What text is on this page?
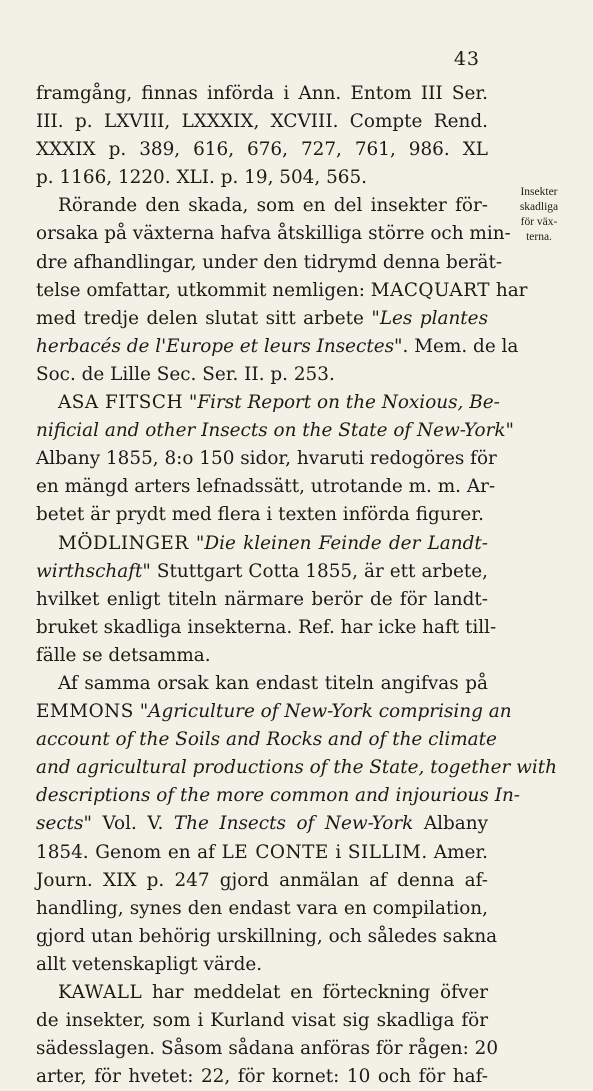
43
Insekter
skadliga
för väx-
terna.
framgång, finnas införda i Ann. Entom III Ser.
III. p. LXVIII, LXXXIX, XCVIII. Compte Rend.
XXXIX p. 389, 616, 676, 727, 761, 986. XL
p. 1166, 1220. XLI. p. 19, 504, 565.
Rörande den skada, som en del insekter för-
orsaka på växterna hafva åtskilliga större och min-
dre afhandlingar, under den tidrymd denna berät-
telse omfattar, utkommit nemligen: MACQUART har
med tredje delen slutat sitt arbete "Les plantes
herbacés de l'Europe et leurs Insectes". Mem. de la
Soc. de Lille Sec. Ser. II. p. 253.
ASA FITSCH "First Report on the Noxious, Be-
nificial and other Insects on the State of New-York"
Albany 1855, 8:o 150 sidor, hvaruti redogöres för
en mängd arters lefnadssätt, utrotande m. m. Ar-
betet är prydt med flera i texten införda figurer.
MÖDLINGER "Die kleinen Feinde der Landt-
wirthschaft" Stuttgart Cotta 1855, är ett arbete,
hvilket enligt titeln närmare berör de för landt-
bruket skadliga insekterna. Ref. har icke haft till-
fälle se detsamma.
Af samma orsak kan endast titeln angifvas på
EMMONS "Agriculture of New-York comprising an
account of the Soils and Rocks and of the climate
and agricultural productions of the State, together with
descriptions of the more common and injourious In-
sects" Vol. V. The Insects of New-York Albany
1854. Genom en af LE CONTE i SILLIM. Amer.
Journ. XIX p. 247 gjord anmälan af denna af-
handling, synes den endast vara en compilation,
gjord utan behörig urskillning, och således sakna
allt vetenskapligt värde.
KAWALL har meddelat en förteckning öfver
de insekter, som i Kurland visat sig skadliga för
sädesslagen. Såsom sådana anföras för rågen: 20
arter, för hvetet: 22, för kornet: 10 och för haf-
